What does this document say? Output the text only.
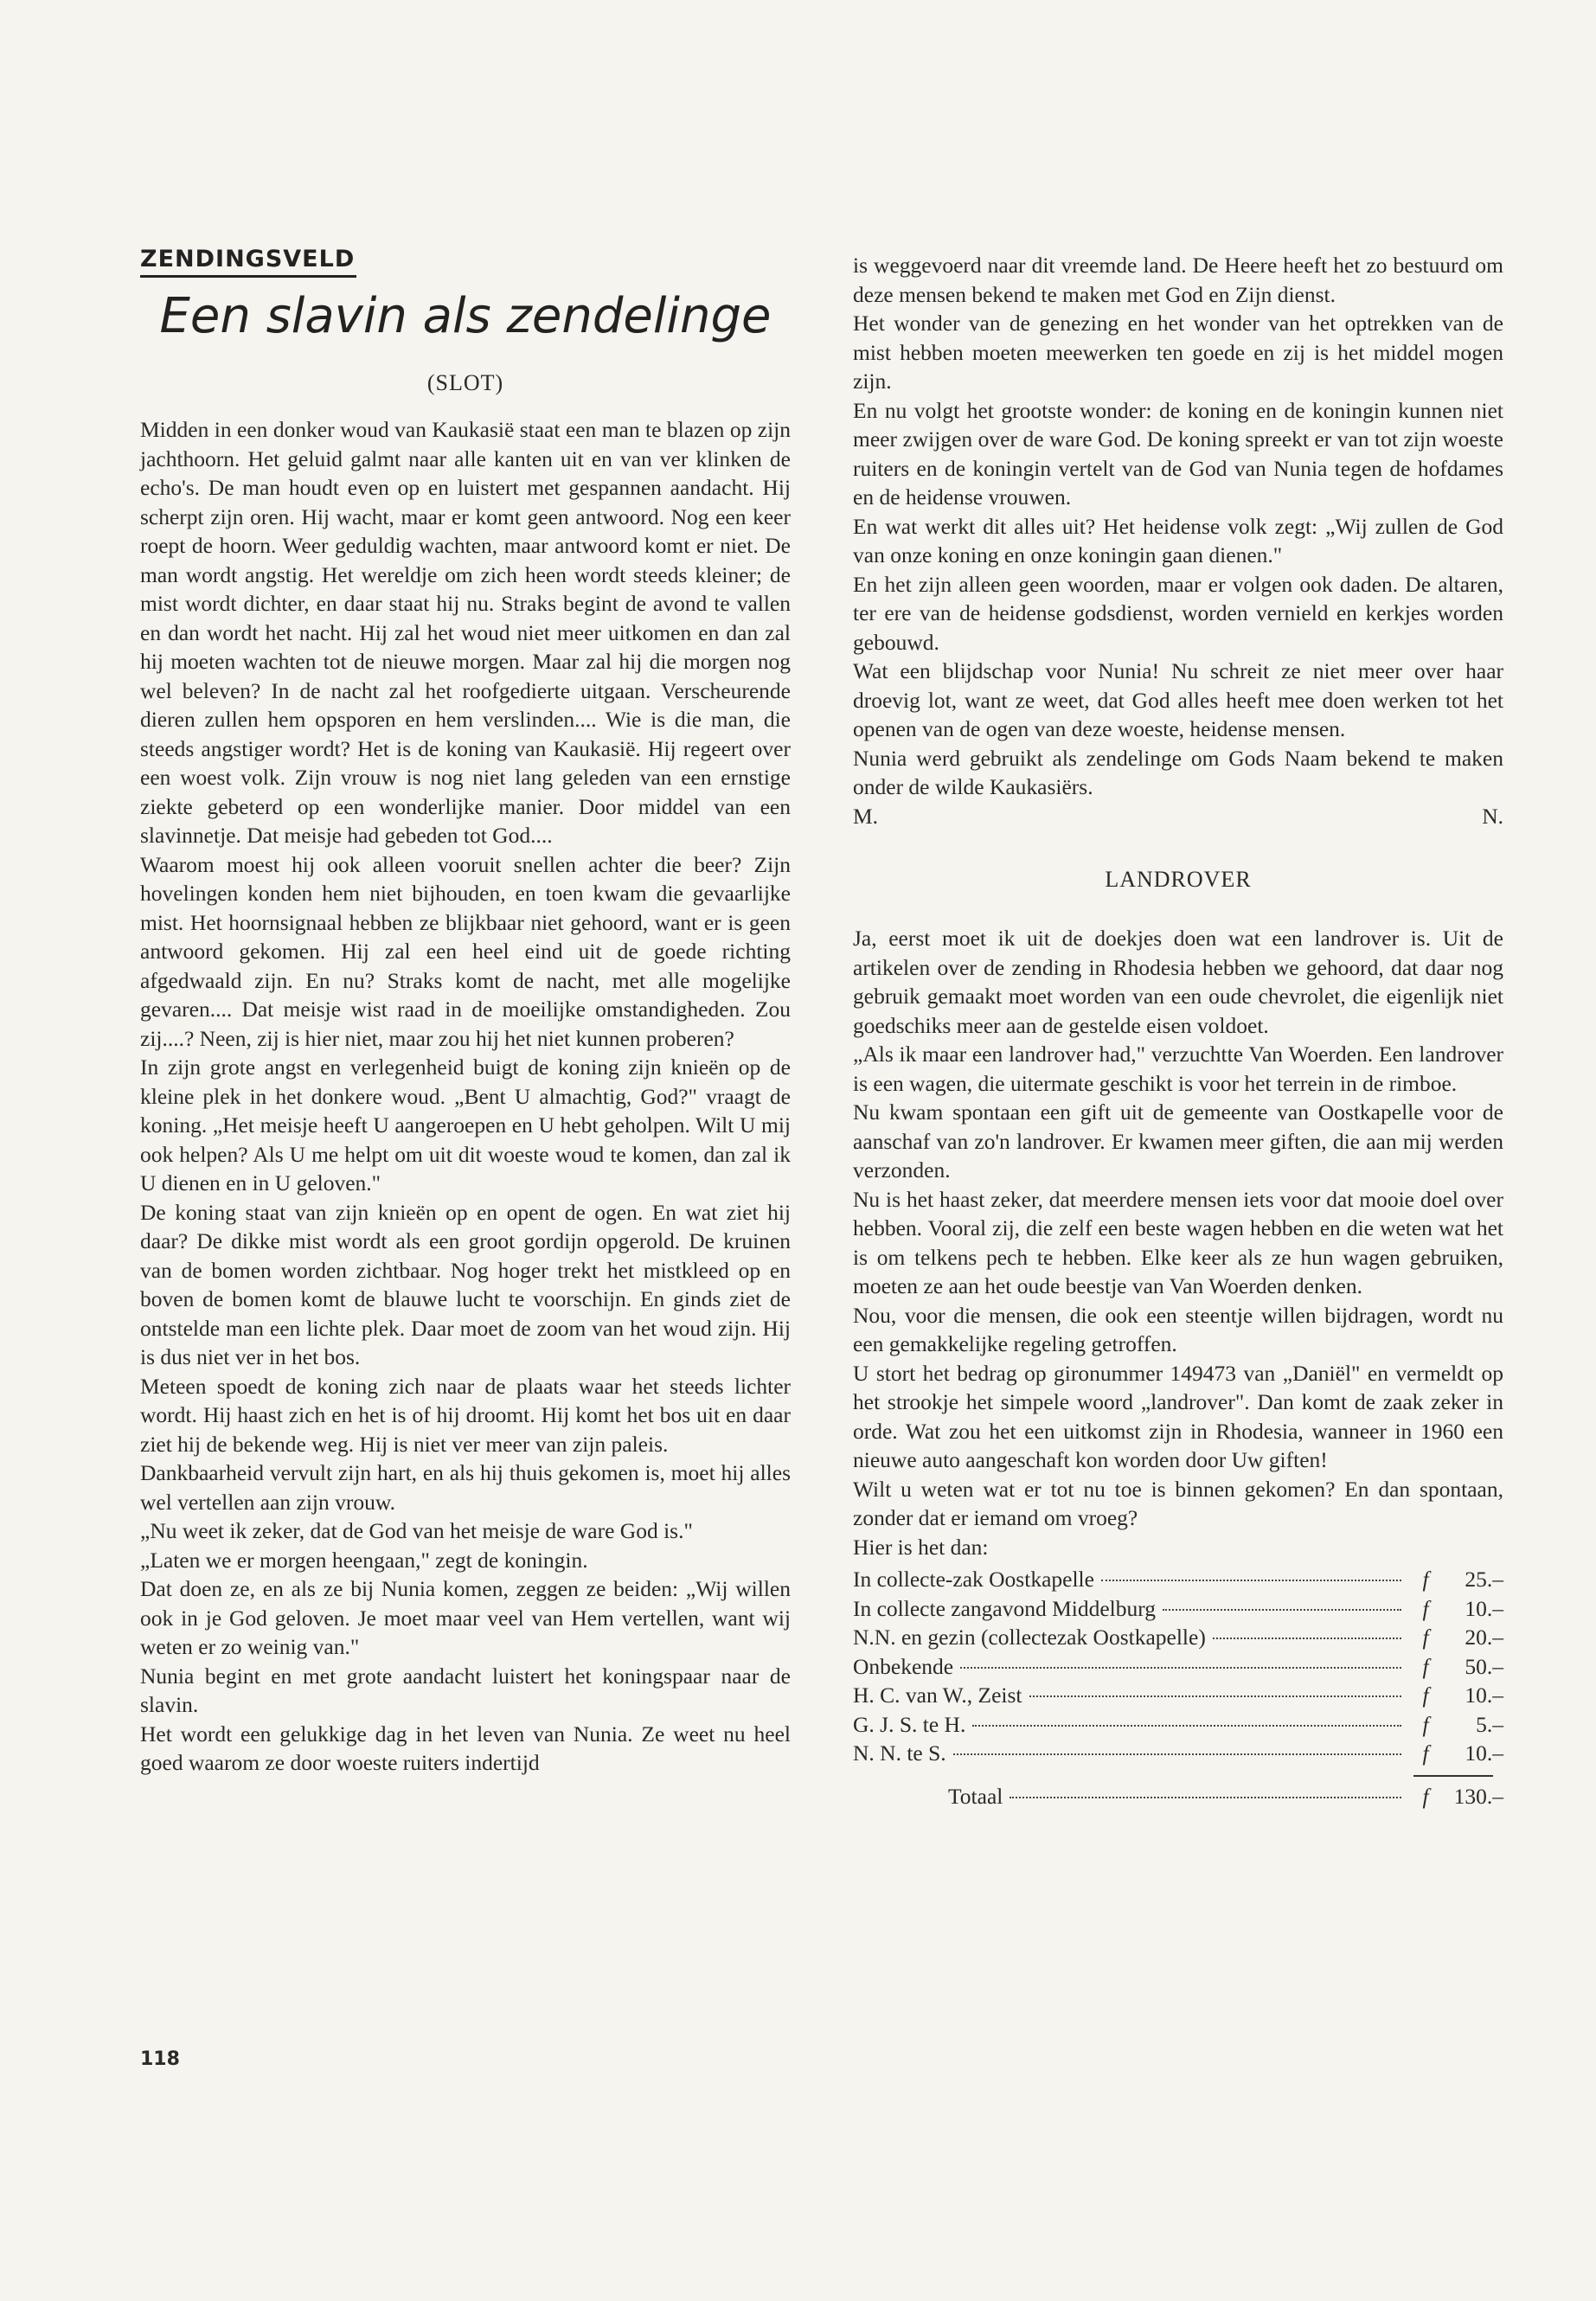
ZENDINGSVELD
Een slavin als zendelinge
(SLOT)

Midden in een donker woud van Kaukasië staat een man te blazen op zijn jachthoorn. Het geluid galmt naar alle kanten uit en van ver klinken de echo's. De man houdt even op en luistert met gespannen aandacht. Hij scherpt zijn oren. Hij wacht, maar er komt geen antwoord. Nog een keer roept de hoorn. Weer geduldig wachten, maar antwoord komt er niet. De man wordt angstig. Het wereldje om zich heen wordt steeds kleiner; de mist wordt dichter, en daar staat hij nu. Straks begint de avond te vallen en dan wordt het nacht. Hij zal het woud niet meer uitkomen en dan zal hij moeten wachten tot de nieuwe morgen. Maar zal hij die morgen nog wel beleven? In de nacht zal het roofgedierte uitgaan. Verscheurende dieren zullen hem opsporen en hem verslinden.... Wie is die man, die steeds angstiger wordt? Het is de koning van Kaukasië. Hij regeert over een woest volk. Zijn vrouw is nog niet lang geleden van een ernstige ziekte gebeterd op een wonderlijke manier. Door middel van een slavinnetje. Dat meisje had gebeden tot God....

Waarom moest hij ook alleen vooruit snellen achter die beer? Zijn hovelingen konden hem niet bijhouden, en toen kwam die gevaarlijke mist. Het hoornsignaal hebben ze blijkbaar niet gehoord, want er is geen antwoord gekomen. Hij zal een heel eind uit de goede richting afgedwaald zijn. En nu? Straks komt de nacht, met alle mogelijke gevaren.... Dat meisje wist raad in de moeilijke omstandigheden. Zou zij....? Neen, zij is hier niet, maar zou hij het niet kunnen proberen?

In zijn grote angst en verlegenheid buigt de koning zijn knieën op de kleine plek in het donkere woud. „Bent U almachtig, God?" vraagt de koning. „Het meisje heeft U aangeroepen en U hebt geholpen. Wilt U mij ook helpen? Als U me helpt om uit dit woeste woud te komen, dan zal ik U dienen en in U geloven."

De koning staat van zijn knieën op en opent de ogen. En wat ziet hij daar? De dikke mist wordt als een groot gordijn opgerold. De kruinen van de bomen worden zichtbaar. Nog hoger trekt het mistkleed op en boven de bomen komt de blauwe lucht te voorschijn. En ginds ziet de ontstelde man een lichte plek. Daar moet de zoom van het woud zijn. Hij is dus niet ver in het bos.

Meteen spoedt de koning zich naar de plaats waar het steeds lichter wordt. Hij haast zich en het is of hij droomt. Hij komt het bos uit en daar ziet hij de bekende weg. Hij is niet ver meer van zijn paleis.

Dankbaarheid vervult zijn hart, en als hij thuis gekomen is, moet hij alles wel vertellen aan zijn vrouw.

„Nu weet ik zeker, dat de God van het meisje de ware God is."

„Laten we er morgen heengaan," zegt de koningin.

Dat doen ze, en als ze bij Nunia komen, zeggen ze beiden: „Wij willen ook in je God geloven. Je moet maar veel van Hem vertellen, want wij weten er zo weinig van."

Nunia begint en met grote aandacht luistert het koningspaar naar de slavin.

Het wordt een gelukkige dag in het leven van Nunia. Ze weet nu heel goed waarom ze door woeste ruiters indertijd

is weggevoerd naar dit vreemde land. De Heere heeft het zo bestuurd om deze mensen bekend te maken met God en Zijn dienst.

Het wonder van de genezing en het wonder van het optrekken van de mist hebben moeten meewerken ten goede en zij is het middel mogen zijn.

En nu volgt het grootste wonder: de koning en de koningin kunnen niet meer zwijgen over de ware God. De koning spreekt er van tot zijn woeste ruiters en de koningin vertelt van de God van Nunia tegen de hofdames en de heidense vrouwen.

En wat werkt dit alles uit? Het heidense volk zegt: „Wij zullen de God van onze koning en onze koningin gaan dienen."

En het zijn alleen geen woorden, maar er volgen ook daden. De altaren, ter ere van de heidense godsdienst, worden vernield en kerkjes worden gebouwd.

Wat een blijdschap voor Nunia! Nu schreit ze niet meer over haar droevig lot, want ze weet, dat God alles heeft mee doen werken tot het openen van de ogen van deze woeste, heidense mensen.

Nunia werd gebruikt als zendelinge om Gods Naam bekend te maken onder de wilde Kaukasiërs.

M.	N.
LANDROVER

Ja, eerst moet ik uit de doekjes doen wat een landrover is. Uit de artikelen over de zending in Rhodesia hebben we gehoord, dat daar nog gebruik gemaakt moet worden van een oude chevrolet, die eigenlijk niet goedschiks meer aan de gestelde eisen voldoet.

„Als ik maar een landrover had," verzuchtte Van Woerden. Een landrover is een wagen, die uitermate geschikt is voor het terrein in de rimboe.

Nu kwam spontaan een gift uit de gemeente van Oostkapelle voor de aanschaf van zo'n landrover. Er kwamen meer giften, die aan mij werden verzonden.

Nu is het haast zeker, dat meerdere mensen iets voor dat mooie doel over hebben. Vooral zij, die zelf een beste wagen hebben en die weten wat het is om telkens pech te hebben. Elke keer als ze hun wagen gebruiken, moeten ze aan het oude beestje van Van Woerden denken.

Nou, voor die mensen, die ook een steentje willen bijdragen, wordt nu een gemakkelijke regeling getroffen.

U stort het bedrag op gironummer 149473 van „Daniël" en vermeldt op het strookje het simpele woord „landrover". Dan komt de zaak zeker in orde. Wat zou het een uitkomst zijn in Rhodesia, wanneer in 1960 een nieuwe auto aangeschaft kon worden door Uw giften!

Wilt u weten wat er tot nu toe is binnen gekomen? En dan spontaan, zonder dat er iemand om vroeg?

Hier is het dan:

In collecte-zak Oostkapelle	f	25.–
In collecte zangavond Middelburg	f	10.–
N.N. en gezin (collectezak Oostkapelle)	f	20.–
Onbekende	f	50.–
H. C. van W., Zeist	f	10.–
G. J. S. te H.	f	5.–
N. N. te S.	f	10.–
Totaal	f	130.–
118
